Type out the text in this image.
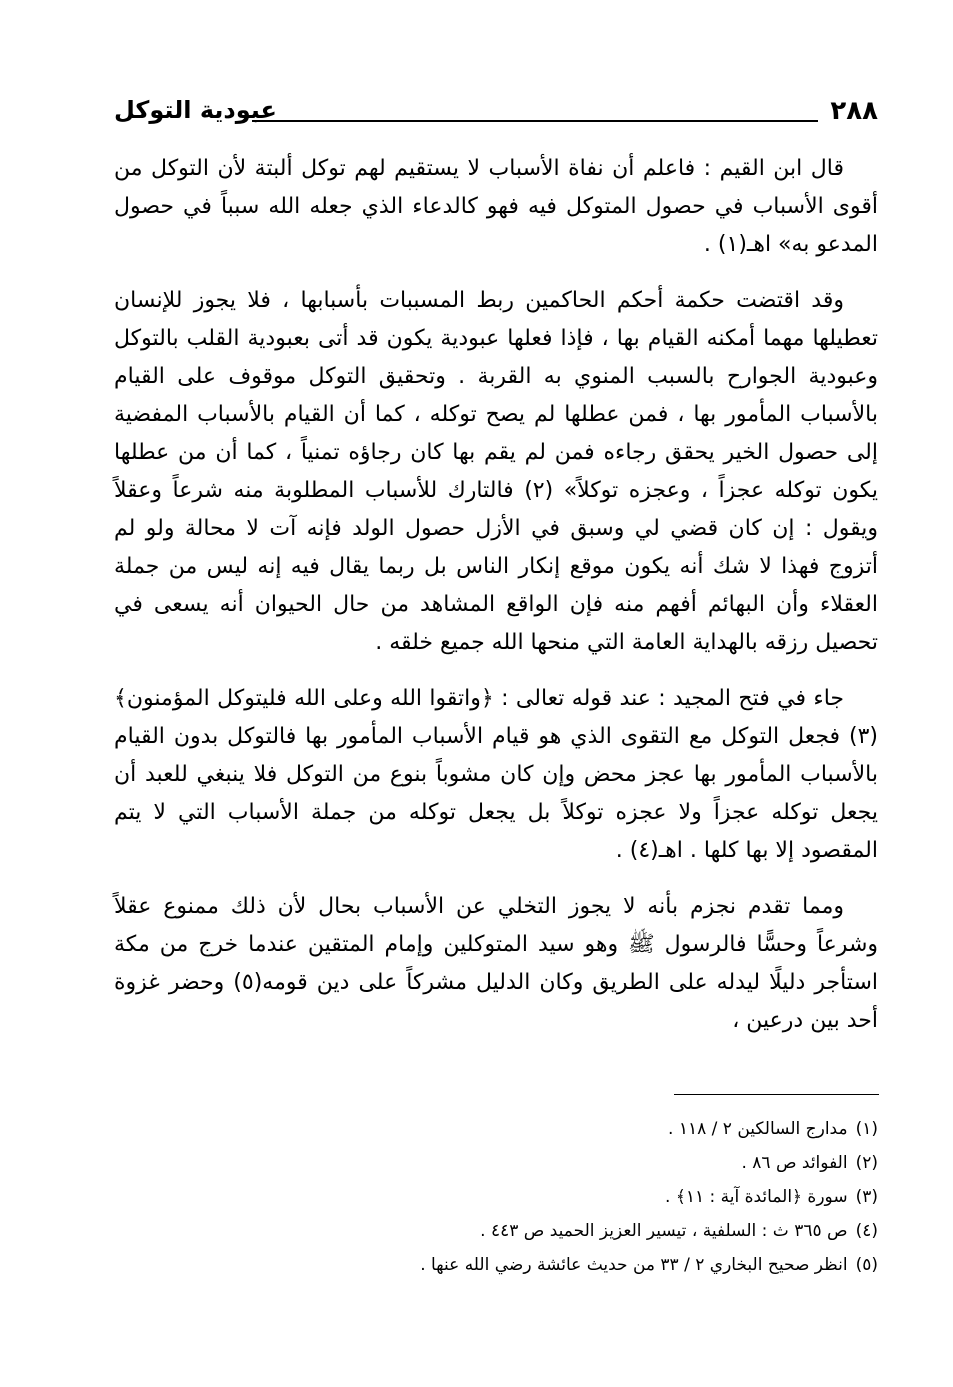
٢٨٨
عبودية التوكل

قال ابن القيم : فاعلم أن نفاة الأسباب لا يستقيم لهم توكل ألبتة لأن التوكل من أقوى الأسباب في حصول المتوكل فيه فهو كالدعاء الذي جعله الله سبباً في حصول المدعو به» اهـ(١) .

وقد اقتضت حكمة أحكم الحاكمين ربط المسببات بأسبابها ، فلا يجوز للإنسان تعطيلها مهما أمكنه القيام بها ، فإذا فعلها عبودية يكون قد أتى بعبودية القلب بالتوكل وعبودية الجوارح بالسبب المنوي به القربة . وتحقيق التوكل موقوف على القيام بالأسباب المأمور بها ، فمن عطلها لم يصح توكله ، كما أن القيام بالأسباب المفضية إلى حصول الخير يحقق رجاءه فمن لم يقم بها كان رجاؤه تمنياً ، كما أن من عطلها يكون توكله عجزاً ، وعجزه توكلاً» (٢) فالتارك للأسباب المطلوبة منه شرعاً وعقلاً ويقول : إن كان قضي لي وسبق في الأزل حصول الولد فإنه آت لا محالة ولو لم أتزوج فهذا لا شك أنه يكون موقع إنكار الناس بل ربما يقال فيه إنه ليس من جملة العقلاء وأن البهائم أفهم منه فإن الواقع المشاهد من حال الحيوان أنه يسعى في تحصيل رزقه بالهداية العامة التي منحها الله جميع خلقه .

جاء في فتح المجيد : عند قوله تعالى : ﴿واتقوا الله وعلى الله فليتوكل المؤمنون﴾ (٣) فجعل التوكل مع التقوى الذي هو قيام الأسباب المأمور بها فالتوكل بدون القيام بالأسباب المأمور بها عجز محض وإن كان مشوباً بنوع من التوكل فلا ينبغي للعبد أن يجعل توكله عجزاً ولا عجزه توكلاً بل يجعل توكله من جملة الأسباب التي لا يتم المقصود إلا بها كلها . اهـ(٤) .

ومما تقدم نجزم بأنه لا يجوز التخلي عن الأسباب بحال لأن ذلك ممنوع عقلاً وشرعاً وحسًّا فالرسول ﷺ وهو سيد المتوكلين وإمام المتقين عندما خرج من مكة استأجر دليلًا ليدله على الطريق وكان الدليل مشركاً على دين قومه(٥) وحضر غزوة أحد بين درعين ،

(١)مدارج السالكين ٢ / ١١٨ .

(٢)الفوائد ص ٨٦ .

(٣)سورة ﴿المائدة آية : ١١﴾ .

(٤)ص ٣٦٥ ث : السلفية ، تيسير العزيز الحميد ص ٤٤٣ .

(٥)انظر صحيح البخاري ٢ / ٣٣ من حديث عائشة رضي الله عنها .
